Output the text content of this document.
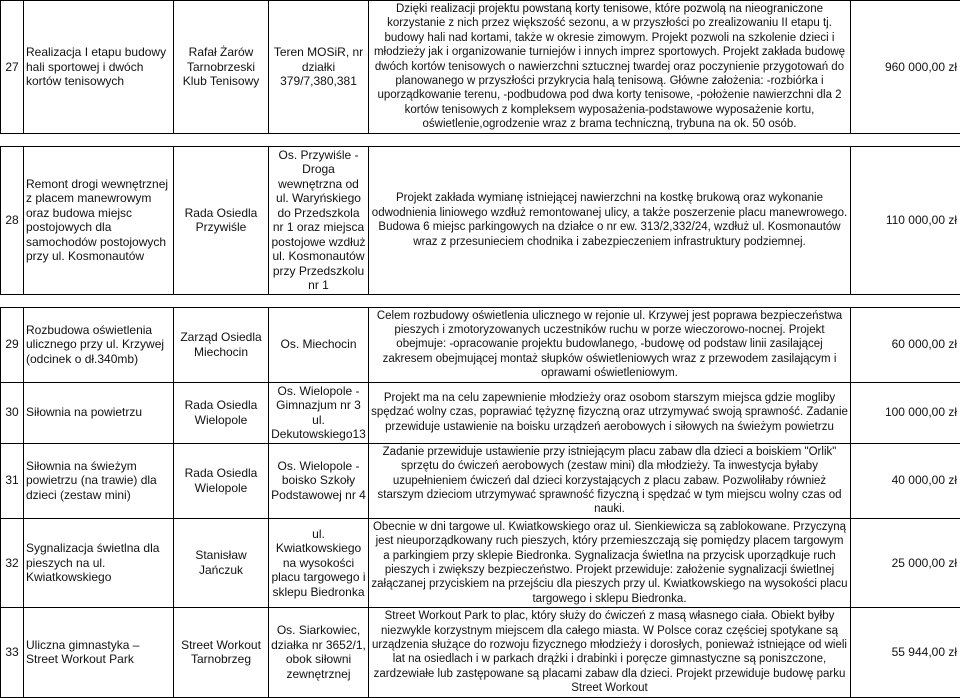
27	Realizacja I etapu budowy hali sportowej i dwóch kortów tenisowych	Rafał Żarów Tarnobrzeski Klub Tenisowy	Teren MOSiR, nr działki 379/7,380,381	Dzięki realizacji projektu powstaną korty tenisowe, które pozwolą na nieograniczone korzystanie z nich przez większość sezonu, a w przyszłości po zrealizowaniu II etapu tj. budowy hali nad kortami, także w okresie zimowym. Projekt pozwoli na szkolenie dzieci i młodzieży jak i organizowanie turniejów i innych imprez sportowych. Projekt zakłada budowę dwóch kortów tenisowych o nawierzchni sztucznej twardej oraz poczynienie przygotowań do planowanego w przyszłości przykrycia halą tenisową. Główne założenia: -rozbiórka i uporządkowanie terenu, -podbudowa pod dwa korty tenisowe, -położenie nawierzchni dla 2 kortów tenisowych z kompleksem wyposażenia-podstawowe wyposażenie kortu, oświetlenie,ogrodzenie wraz z brama techniczną, trybuna na ok. 50 osób.	960 000,00 zł

28	Remont drogi wewnętrznej z placem manewrowym oraz budowa miejsc postojowych dla samochodów postojowych przy ul. Kosmonautów	Rada Osiedla Przywiśle	Os. Przywiśle - Droga wewnętrzna od ul. Waryńskiego do Przedszkola nr 1 oraz miejsca postojowe wzdłuż ul. Kosmonautów przy Przedszkolu nr 1	Projekt zakłada wymianę istniejącej nawierzchni na kostkę brukową oraz wykonanie odwodnienia liniowego wzdłuż remontowanej ulicy, a także poszerzenie placu manewrowego. Budowa 6 miejsc parkingowych na działce o nr ew. 313/2,332/24, wzdłuż ul. Kosmonautów wraz z przesunieciem chodnika i zabezpieczeniem infrastruktury podziemnej.	110 000,00 zł

29	Rozbudowa oświetlenia ulicznego przy ul. Krzywej (odcinek o dł.340mb)	Zarząd Osiedla Miechocin	Os. Miechocin	Celem rozbudowy oświetlenia ulicznego w rejonie ul. Krzywej jest poprawa bezpieczeństwa pieszych i zmotoryzowanych uczestników ruchu w porze wieczorowo-nocnej. Projekt obejmuje: -opracowanie projektu budowlanego, -budowę od podstaw linii zasilającej zakresem obejmującej montaż słupków oświetleniowych wraz z przewodem zasilającym i oprawami oświetleniowym.	60 000,00 zł
30	Siłownia na powietrzu	Rada Osiedla Wielopole	Os. Wielopole - Gimnazjum nr 3 ul. Dekutowskiego13	Projekt ma na celu zapewnienie młodzieży oraz osobom starszym miejsca gdzie mogliby spędzać wolny czas, poprawiać tężyznę fizyczną oraz utrzymywać swoją sprawność. Zadanie przewiduje ustawienie na boisku urządzeń aerobowych i siłowych na świeżym powietrzu	100 000,00 zł
31	Siłownia na świeżym powietrzu (na trawie) dla dzieci (zestaw mini)	Rada Osiedla Wielopole	Os. Wielopole - boisko Szkoły Podstawowej nr 4	Zadanie przewiduje ustawienie przy istniejącym placu zabaw dla dzieci a boiskiem "Orlik" sprzętu do ćwiczeń aerobowych (zestaw mini) dla młodzieży. Ta inwestycja byłaby uzupełnieniem ćwiczeń dal dzieci korzystających z placu zabaw. Pozwoliłaby również starszym dzieciom utrzymywać sprawność fizyczną i spędzać w tym miejscu wolny czas od nauki.	40 000,00 zł
32	Sygnalizacja świetlna dla pieszych na ul. Kwiatkowskiego	Stanisław Jańczuk	ul. Kwiatkowskiego na wysokości placu targowego i sklepu Biedronka	Obecnie w dni targowe ul. Kwiatkowskiego oraz ul. Sienkiewicza są zablokowane. Przyczyną jest nieuporządkowany ruch pieszych, który przemieszczają się pomiędzy placem targowym a parkingiem przy sklepie Biedronka. Sygnalizacja świetlna na przycisk uporządkuje ruch pieszych i zwiększy bezpieczeństwo. Projekt przewiduje: założenie sygnalizacji świetlnej załączanej przyciskiem na przejściu dla pieszych przy ul. Kwiatkowskiego na wysokości placu targowego i sklepu Biedronka.	25 000,00 zł
33	Uliczna gimnastyka – Street Workout Park	Street Workout Tarnobrzeg	Os. Siarkowiec, działka nr 3652/1, obok siłowni zewnętrznej	Street Workout Park to plac, który służy do ćwiczeń z masą własnego ciała. Obiekt byłby niezwykle korzystnym miejscem dla całego miasta. W Polsce coraz częściej spotykane są urządzenia służące do rozwoju fizycznego młodzieży i dorosłych, ponieważ istniejące od wieli lat na osiedlach i w parkach drążki i drabinki i poręcze gimnastyczne są poniszczone, zardzewiałe lub zastępowane są placami zabaw dla dzieci. Projekt przewiduje budowę parku Street Workout	55 944,00 zł
